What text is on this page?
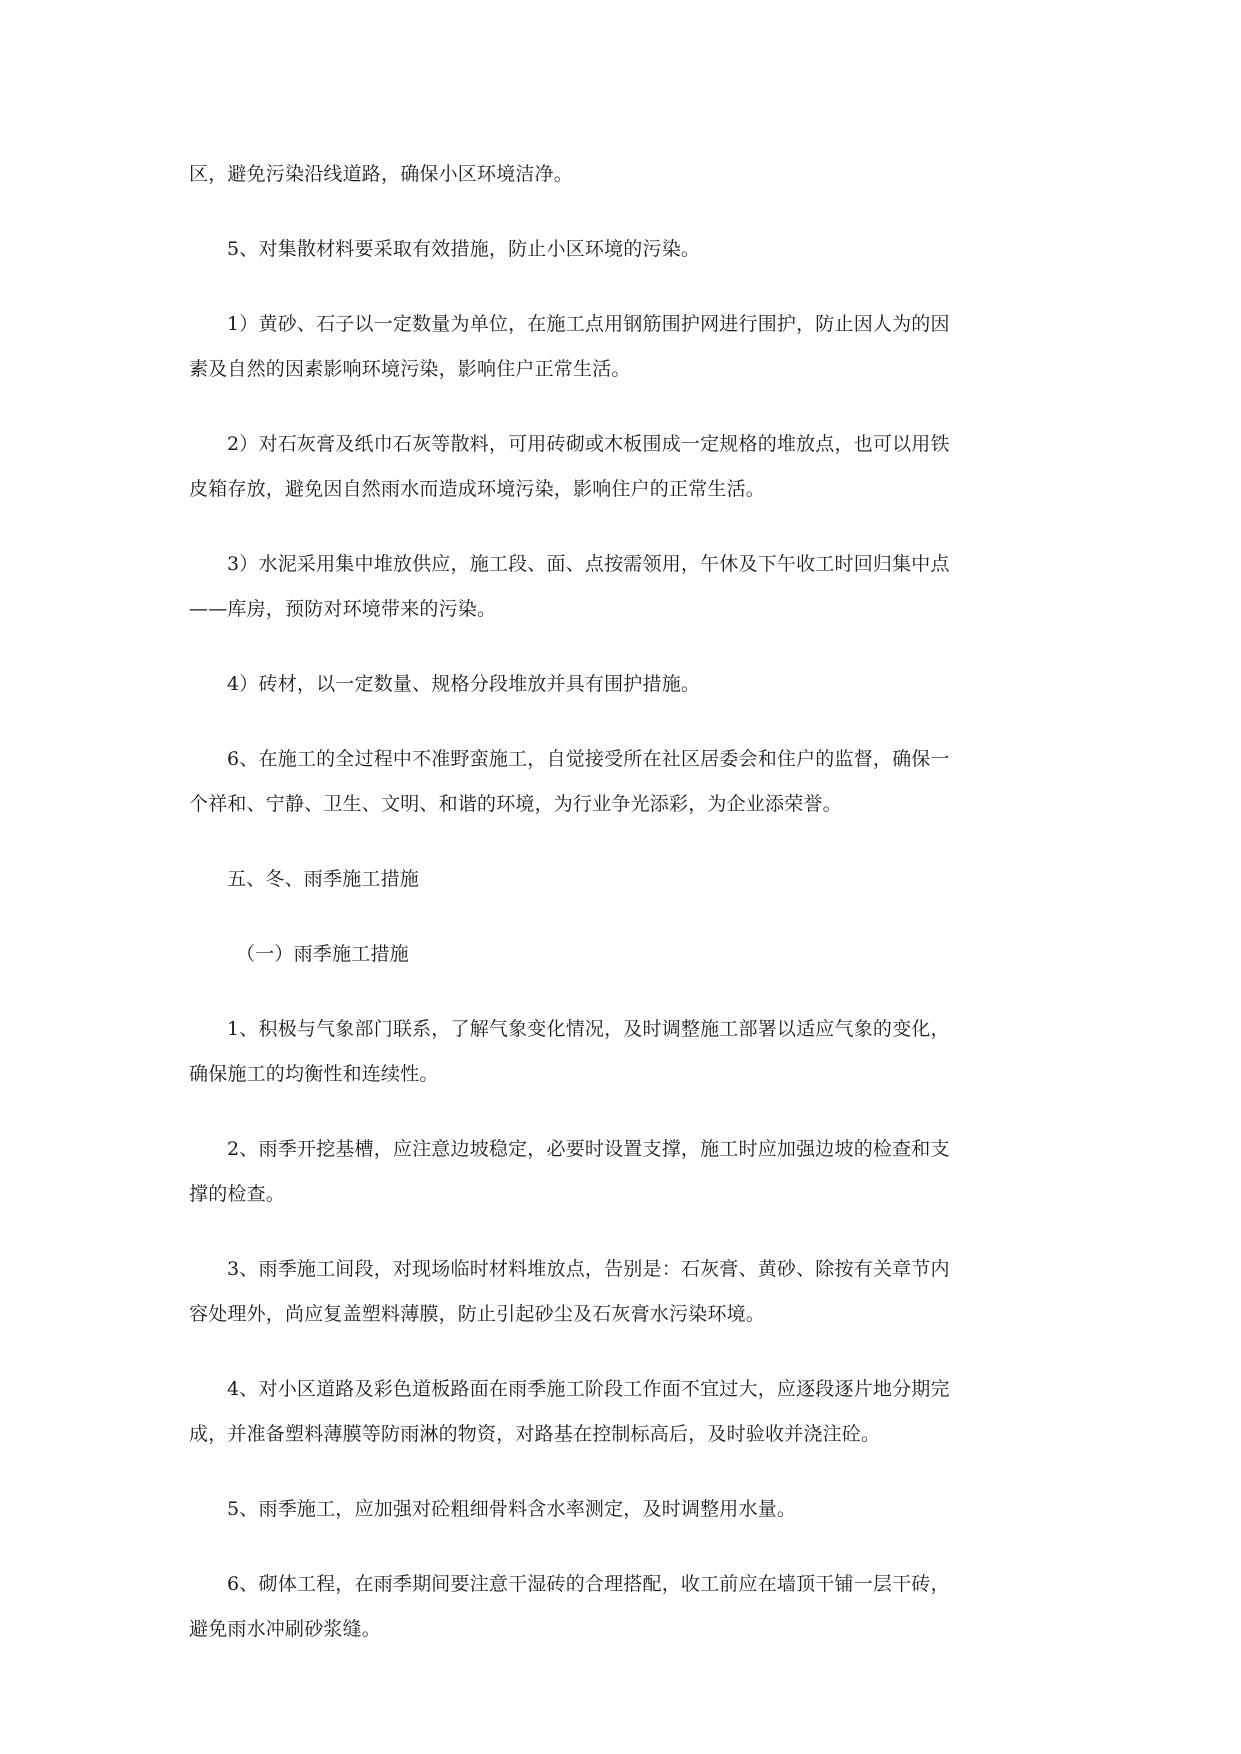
区，避免污染沿线道路，确保小区环境洁净。

5、对集散材料要采取有效措施，防止小区环境的污染。

1）黄砂、石子以一定数量为单位，在施工点用钢筋围护网进行围护，防止因人为的因
素及自然的因素影响环境污染，影响住户正常生活。

2）对石灰膏及纸巾石灰等散料，可用砖砌或木板围成一定规格的堆放点，也可以用铁
皮箱存放，避免因自然雨水而造成环境污染，影响住户的正常生活。

3）水泥采用集中堆放供应，施工段、面、点按需领用，午休及下午收工时回归集中点
——库房，预防对环境带来的污染。

4）砖材，以一定数量、规格分段堆放并具有围护措施。

6、在施工的全过程中不准野蛮施工，自觉接受所在社区居委会和住户的监督，确保一
个祥和、宁静、卫生、文明、和谐的环境，为行业争光添彩，为企业添荣誉。

五、冬、雨季施工措施

（一）雨季施工措施

1、积极与气象部门联系，了解气象变化情况，及时调整施工部署以适应气象的变化，
确保施工的均衡性和连续性。

2、雨季开挖基槽，应注意边坡稳定，必要时设置支撑，施工时应加强边坡的检查和支
撑的检查。

3、雨季施工间段，对现场临时材料堆放点，告别是：石灰膏、黄砂、除按有关章节内
容处理外，尚应复盖塑料薄膜，防止引起砂尘及石灰膏水污染环境。

4、对小区道路及彩色道板路面在雨季施工阶段工作面不宜过大，应逐段逐片地分期完
成，并准备塑料薄膜等防雨淋的物资，对路基在控制标高后，及时验收并浇注砼。

5、雨季施工，应加强对砼粗细骨料含水率测定，及时调整用水量。

6、砌体工程，在雨季期间要注意干湿砖的合理搭配，收工前应在墙顶干铺一层干砖，
避免雨水冲刷砂浆缝。
